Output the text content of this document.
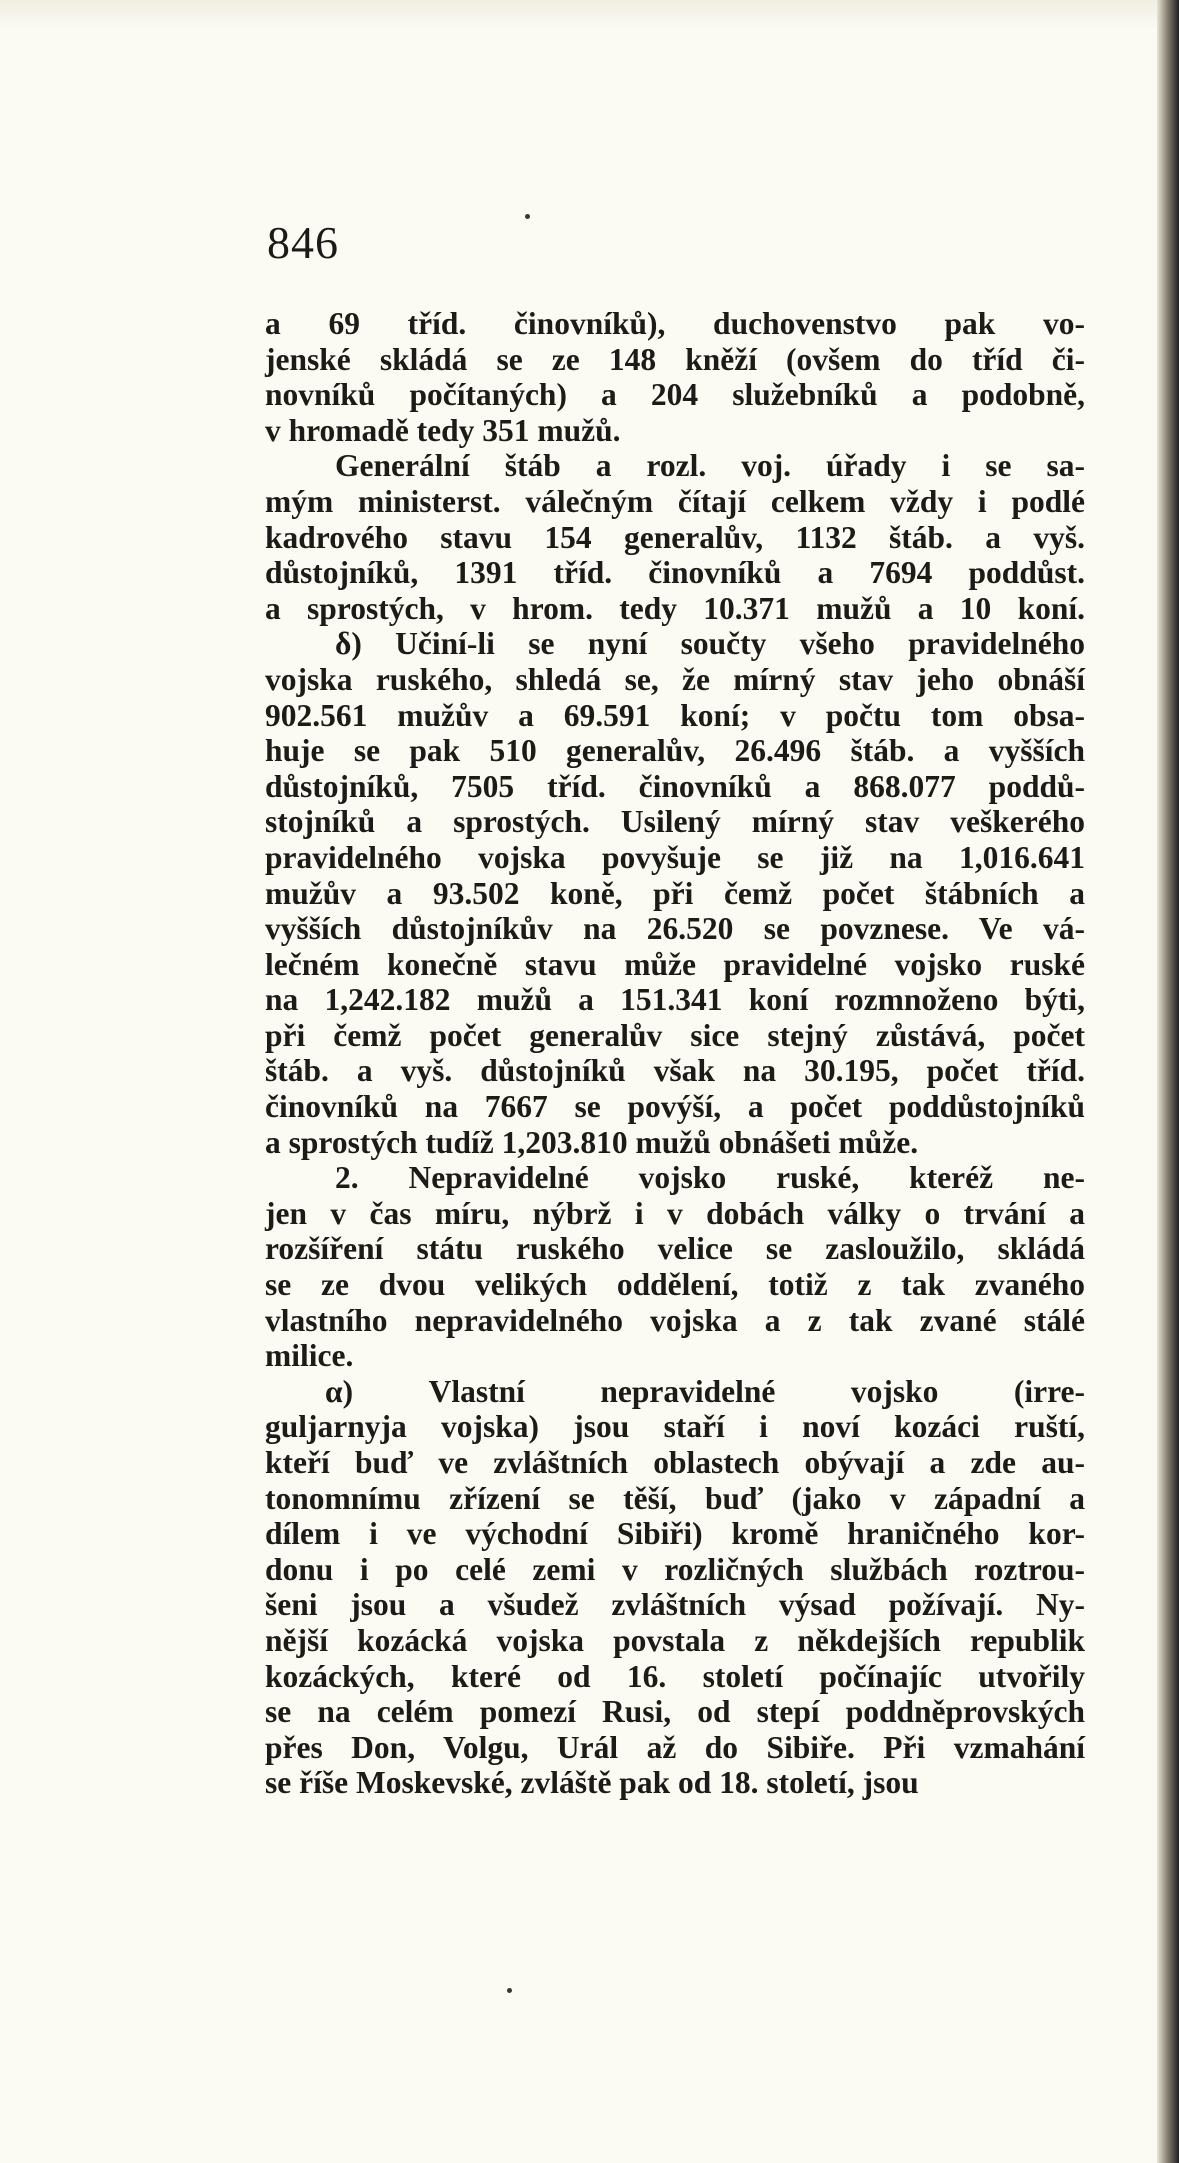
846
a 69 tříd. činovníků), duchovenstvo pak vo-
jenské skládá se ze 148 kněží (ovšem do tříd či-
novníků počítaných) a 204 služebníků a podobně,
v hromadě tedy 351 mužů.
Generální štáb a rozl. voj. úřady i se sa-
mým ministerst. válečným čítají celkem vždy i podlé
kadrového stavu 154 generalův, 1132 štáb. a vyš.
důstojníků, 1391 tříd. činovníků a 7694 poddůst.
a sprostých, v hrom. tedy 10.371 mužů a 10 koní.
δ) Učiní-li se nyní součty všeho pravidelného
vojska ruského, shledá se, že mírný stav jeho obnáší
902.561 mužův a 69.591 koní; v počtu tom obsa-
huje se pak 510 generalův, 26.496 štáb. a vyšších
důstojníků, 7505 tříd. činovníků a 868.077 poddů-
stojníků a sprostých. Usilený mírný stav veškerého
pravidelného vojska povyšuje se již na 1,016.641
mužův a 93.502 koně, při čemž počet štábních a
vyšších důstojníkův na 26.520 se povznese. Ve vá-
lečném konečně stavu může pravidelné vojsko ruské
na 1,242.182 mužů a 151.341 koní rozmnoženo býti,
při čemž počet generalův sice stejný zůstává, počet
štáb. a vyš. důstojníků však na 30.195, počet tříd.
činovníků na 7667 se povýší, a počet poddůstojníků
a sprostých tudíž 1,203.810 mužů obnášeti může.
2. Nepravidelné vojsko ruské, kteréž ne-
jen v čas míru, nýbrž i v dobách války o trvání a
rozšíření státu ruského velice se zasloužilo, skládá
se ze dvou velikých oddělení, totiž z tak zvaného
vlastního nepravidelného vojska a z tak zvané stálé
milice.
α) Vlastní nepravidelné vojsko (irre-
guljarnyja vojska) jsou staří i noví kozáci ruští,
kteří buď ve zvláštních oblastech obývají a zde au-
tonomnímu zřízení se těší, buď (jako v západní a
dílem i ve východní Sibiři) kromě hraničného kor-
donu i po celé zemi v rozličných službách roztrou-
šeni jsou a všudež zvláštních výsad požívají. Ny-
nější kozácká vojska povstala z někdejších republik
kozáckých, které od 16. století počínajíc utvořily
se na celém pomezí Rusi, od stepí poddněprovských
přes Don, Volgu, Urál až do Sibiře. Při vzmahání
se říše Moskevské, zvláště pak od 18. století, jsou
